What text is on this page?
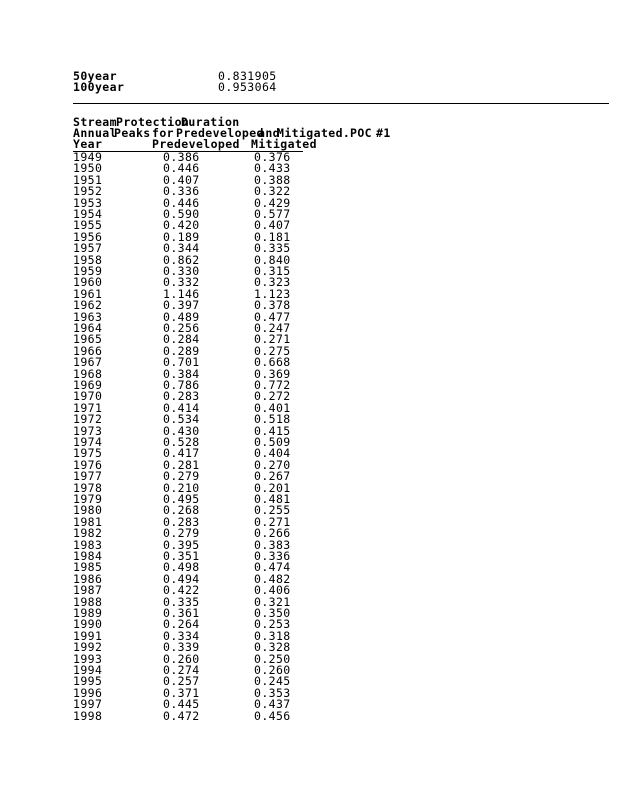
50year	0.831905
100year	0.953064
Stream Protection
Duration
Annual
Peaks for Predeveloped
and
Mitigated. POC #1
Year	Predeveloped Mitigated
1949	0.386	0.376
1950	0.446	0.433
1951	0.407	0.388
1952	0.336	0.322
1953	0.446	0.429
1954	0.590	0.577
1955	0.420	0.407
1956	0.189	0.181
1957	0.344	0.335
1958	0.862	0.840
1959	0.330	0.315
1960	0.332	0.323
1961	1.146	1.123
1962	0.397	0.378
1963	0.489	0.477
1964	0.256	0.247
1965	0.284	0.271
1966	0.289	0.275
1967	0.701	0.668
1968	0.384	0.369
1969	0.786	0.772
1970	0.283	0.272
1971	0.414	0.401
1972	0.534	0.518
1973	0.430	0.415
1974	0.528	0.509
1975	0.417	0.404
1976	0.281	0.270
1977	0.279	0.267
1978	0.210	0.201
1979	0.495	0.481
1980	0.268	0.255
1981	0.283	0.271
1982	0.279	0.266
1983	0.395	0.383
1984	0.351	0.336
1985	0.498	0.474
1986	0.494	0.482
1987	0.422	0.406
1988	0.335	0.321
1989	0.361	0.350
1990	0.264	0.253
1991	0.334	0.318
1992	0.339	0.328
1993	0.260	0.250
1994	0.274	0.260
1995	0.257	0.245
1996	0.371	0.353
1997	0.445	0.437
1998	0.472	0.456
